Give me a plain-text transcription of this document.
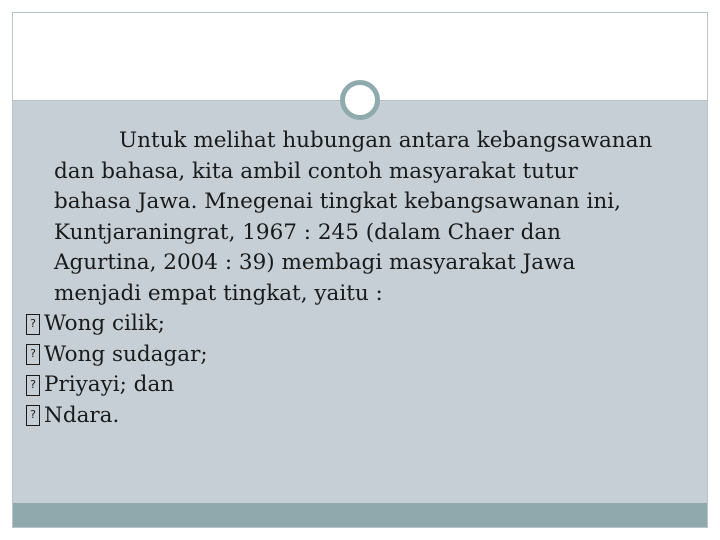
Untuk melihat hubungan antara kebangsawanan
dan bahasa, kita ambil contoh masyarakat tutur
bahasa Jawa. Mnegenai tingkat kebangsawanan ini,
Kuntjaraningrat, 1967 : 245 (dalam Chaer dan
Agurtina, 2004 : 39) membagi masyarakat Jawa
menjadi empat tingkat, yaitu :
? Wong cilik;
? Wong sudagar;
? Priyayi; dan
? Ndara.
